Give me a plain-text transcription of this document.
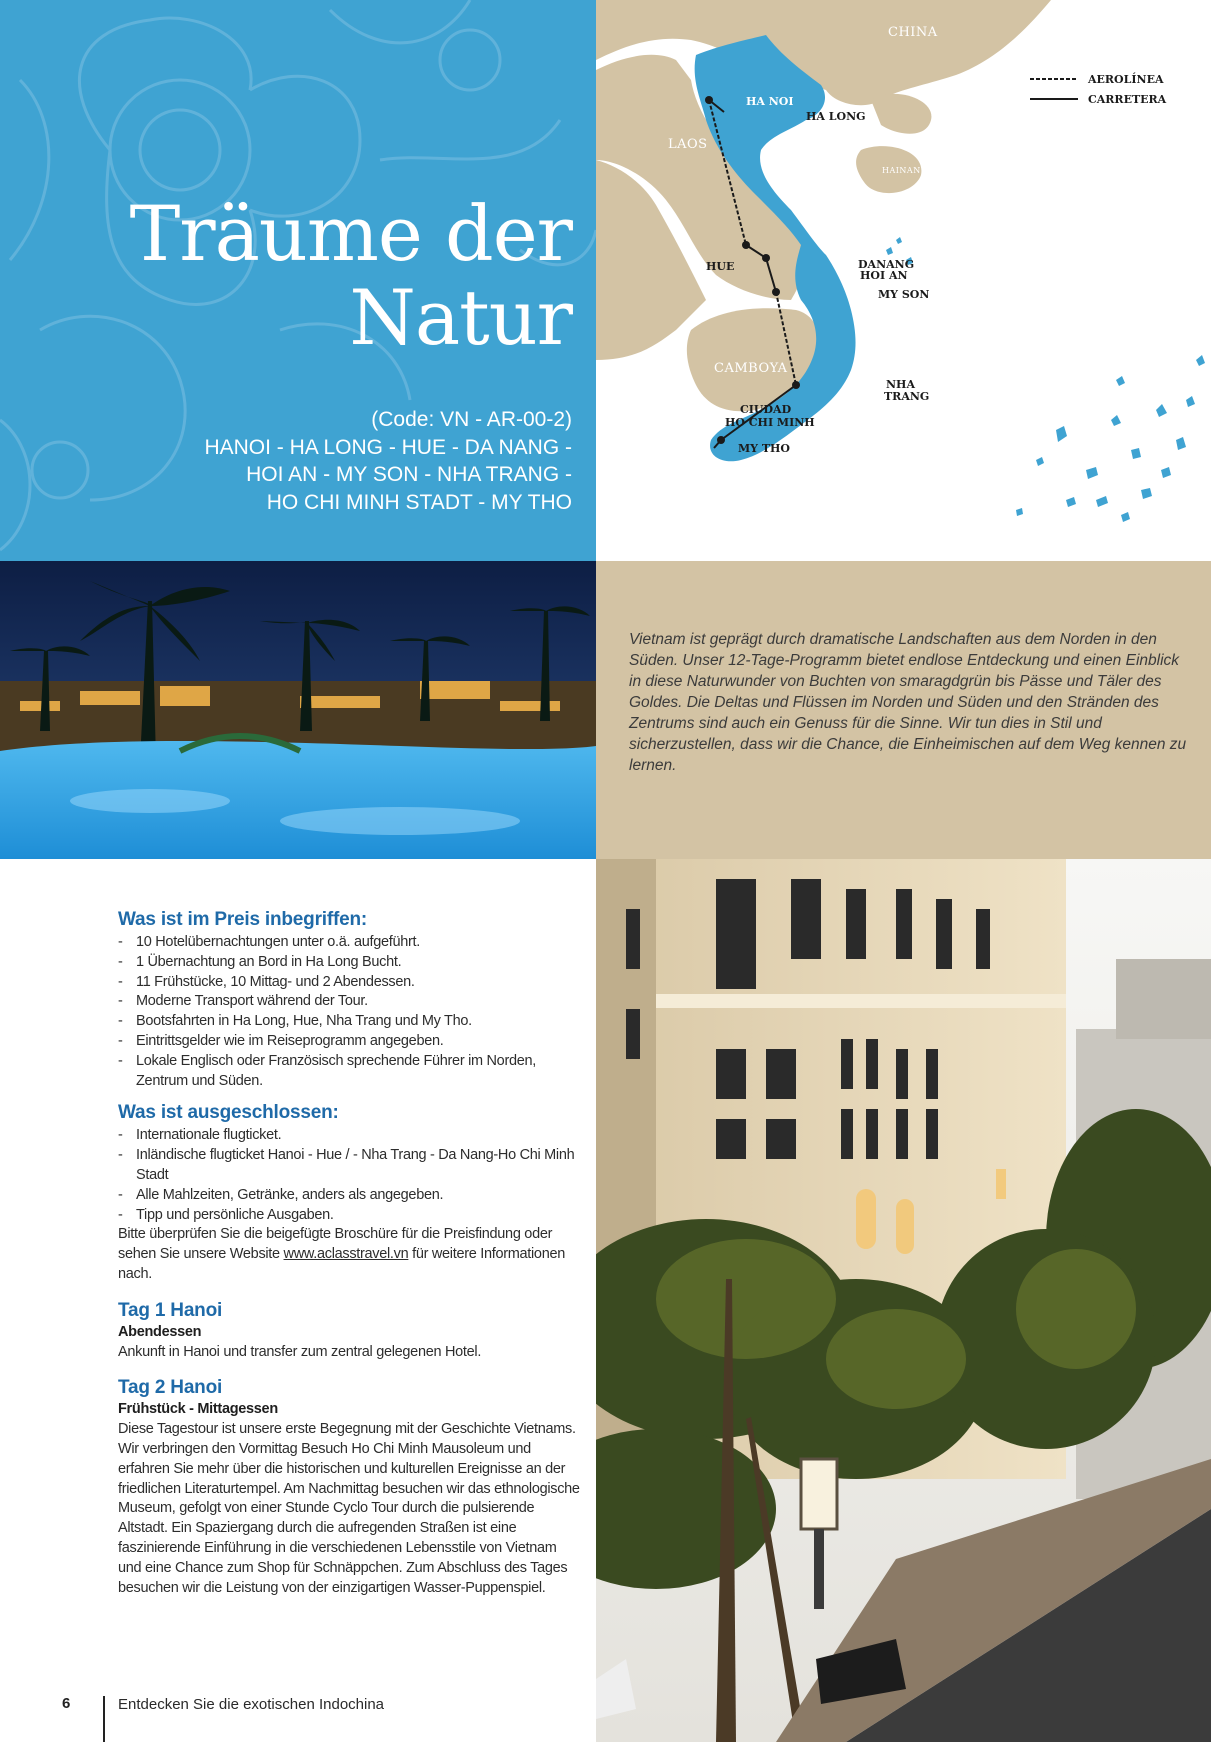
Träume der
Natur
(Code: VN - AR-00-2)
HANOI - HA LONG - HUE - DA NANG -
HOI AN - MY SON - NHA TRANG -
HO CHI MINH STADT - MY THO
CHINA
LAOS
CAMBOYA
HAINAN
AEROLÍNEA
CARRETERA
HA NOI
HA LONG
HUE	DANANG
HOI AN
MY SON
NHA
TRANG
CIUDAD
HO CHI MINH
MY THO

Vietnam ist geprägt durch dramatische Landschaften aus dem Norden in den Süden. Unser 12-Tage-Programm bietet endlose Entdeckung und einen Einblick in diese Naturwunder von Buchten von smaragdgrün bis Pässe und Täler des Goldes. Die Deltas und Flüssen im Norden und Süden und den Stränden des Zentrums sind auch ein Genuss für die Sinne. Wir tun dies in Stil und sicherzustellen, dass wir die Chance, die Einheimischen auf dem Weg kennen zu lernen.

Was ist im Preis inbegriffen:
- 10 Hotelübernachtungen unter o.ä. aufgeführt.
- 1 Übernachtung an Bord in Ha Long Bucht.
- 11 Frühstücke, 10 Mittag- und 2 Abendessen.
- Moderne Transport während der Tour.
- Bootsfahrten in Ha Long, Hue, Nha Trang und My Tho.
- Eintrittsgelder wie im Reiseprogramm angegeben.
- Lokale Englisch oder Französisch sprechende Führer im Norden, Zentrum und Süden.
Was ist ausgeschlossen:
- Internationale flugticket.
- Inländische flugticket Hanoi - Hue / - Nha Trang - Da Nang-Ho Chi Minh Stadt
- Alle Mahlzeiten, Getränke, anders als angegeben.
- Tipp und persönliche Ausgaben.

Bitte überprüfen Sie die beigefügte Broschüre für die Preisfindung oder sehen Sie unsere Website www.aclasstravel.vn für weitere Informationen nach.

Tag 1 Hanoi
Abendessen

Ankunft in Hanoi und transfer zum zentral gelegenen Hotel.

Tag 2 Hanoi
Frühstück - Mittagessen

Diese Tagestour ist unsere erste Begegnung mit der Geschichte Vietnams. Wir verbringen den Vormittag Besuch Ho Chi Minh Mausoleum und erfahren Sie mehr über die historischen und kulturellen Ereignisse an der friedlichen Literaturtempel. Am Nachmittag besuchen wir das ethnologische Museum, gefolgt von einer Stunde Cyclo Tour durch die pulsierende Altstadt. Ein Spaziergang durch die aufregenden Straßen ist eine faszinierende Einführung in die verschiedenen Lebensstile von Vietnam und eine Chance zum Shop für Schnäppchen. Zum Abschluss des Tages besuchen wir die Leistung von der einzigartigen Wasser-Puppenspiel.

6	Entdecken Sie die exotischen Indochina
